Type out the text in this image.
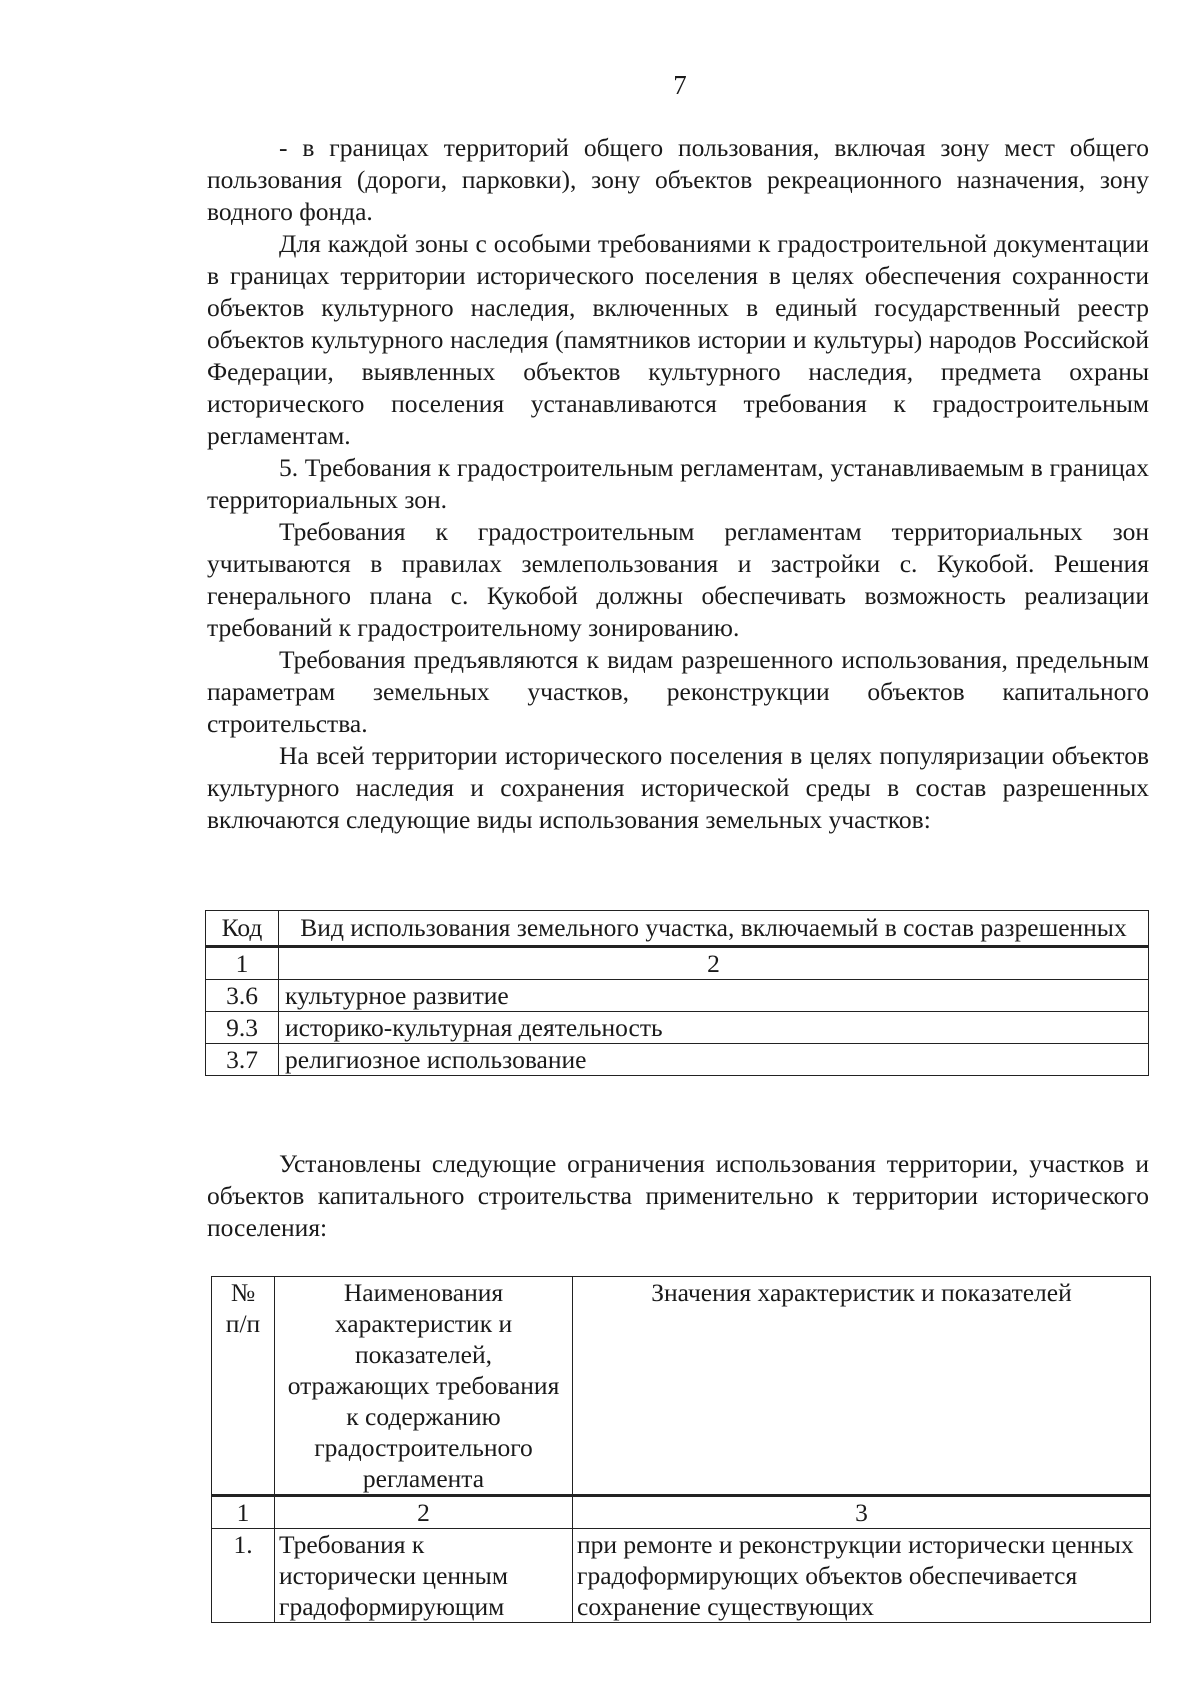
7

- в границах территорий общего пользования, включая зону мест общего пользования (дороги, парковки), зону объектов рекреационного назначения, зону водного фонда.

Для каждой зоны с особыми требованиями к градостроительной документации в границах территории исторического поселения в целях обеспечения сохранности объектов культурного наследия, включенных в единый государственный реестр объектов культурного наследия (памятников истории и культуры) народов Российской Федерации, выявленных объектов культурного наследия, предмета охраны исторического поселения устанавливаются требования к градостроительным регламентам.

5. Требования к градостроительным регламентам, устанавливаемым в границах территориальных зон.

Требования к градостроительным регламентам территориальных зон учитываются в правилах землепользования и застройки с. Кукобой. Решения генерального плана с. Кукобой должны обеспечивать возможность реализации требований к градостроительному зонированию.

Требования предъявляются к видам разрешенного использования, предельным параметрам земельных участков, реконструкции объектов капитального строительства.

На всей территории исторического поселения в целях популяризации объектов культурного наследия и сохранения исторической среды в состав разрешенных включаются следующие виды использования земельных участков:

Код	Вид использования земельного участка, включаемый в состав разрешенных
1	2
3.6	культурное развитие
9.3	историко-культурная деятельность
3.7	религиозное использование

Установлены следующие ограничения использования территории, участков и объектов капитального строительства применительно к территории исторического поселения:

№ п/п	Наименования характеристик и показателей, отражающих требования к содержанию градостроительного регламента	Значения характеристик и показателей
1	2	3
1.	Требования к исторически ценным градоформирующим	при ремонте и реконструкции исторически ценных градоформирующих объектов обеспечивается сохранение существующих
